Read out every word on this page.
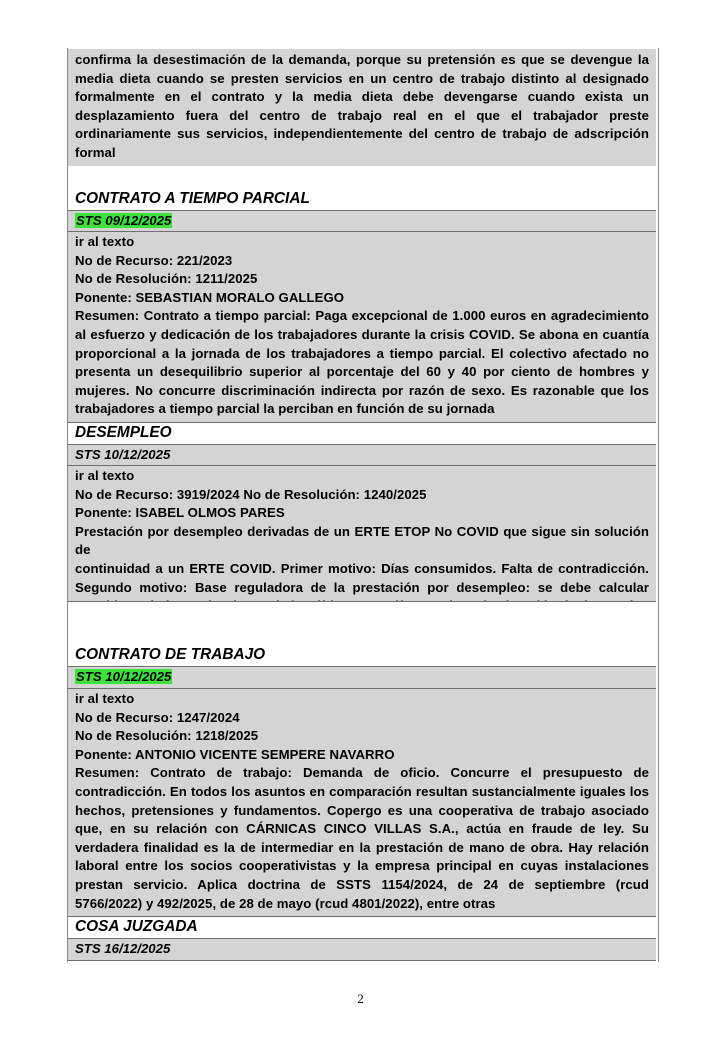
confirma la desestimación de la demanda, porque su pretensión es que se devengue la
media dieta cuando se presten servicios en un centro de trabajo distinto al designado
formalmente en el contrato y la media dieta debe devengarse cuando exista un
desplazamiento fuera del centro de trabajo real en el que el trabajador preste
ordinariamente sus servicios, independientemente del centro de trabajo de adscripción
formal
CONTRATO A TIEMPO PARCIAL
STS 09/12/2025
ir al texto
No de Recurso: 221/2023
No de Resolución: 1211/2025
Ponente: SEBASTIAN MORALO GALLEGO
Resumen: Contrato a tiempo parcial: Paga excepcional de 1.000 euros en agradecimiento
al esfuerzo y dedicación de los trabajadores durante la crisis COVID. Se abona en cuantía
proporcional a la jornada de los trabajadores a tiempo parcial. El colectivo afectado no
presenta un desequilibrio superior al porcentaje del 60 y 40 por ciento de hombres y
mujeres. No concurre discriminación indirecta por razón de sexo. Es razonable que los
trabajadores a tiempo parcial la perciban en función de su jornada
DESEMPLEO
STS 10/12/2025
ir al texto
No de Recurso: 3919/2024 No de Resolución: 1240/2025
Ponente: ISABEL OLMOS PARES
Prestación por desempleo derivadas de un ERTE ETOP No COVID que sigue sin solución de
continuidad a un ERTE COVID. Primer motivo: Días consumidos. Falta de contradicción.
Segundo motivo: Base reguladora de la prestación por desempleo: se debe calcular
CONTRATO DE TRABAJO
STS 10/12/2025
ir al texto
No de Recurso: 1247/2024
No de Resolución: 1218/2025
Ponente: ANTONIO VICENTE SEMPERE NAVARRO
Resumen: Contrato de trabajo: Demanda de oficio. Concurre el presupuesto de
contradicción. En todos los asuntos en comparación resultan sustancialmente iguales los
hechos, pretensiones y fundamentos. Copergo es una cooperativa de trabajo asociado
que, en su relación con CÁRNICAS CINCO VILLAS S.A., actúa en fraude de ley. Su
verdadera finalidad es la de intermediar en la prestación de mano de obra. Hay relación
laboral entre los socios cooperativistas y la empresa principal en cuyas instalaciones
prestan servicio. Aplica doctrina de SSTS 1154/2024, de 24 de septiembre (rcud
5766/2022) y 492/2025, de 28 de mayo (rcud 4801/2022), entre otras
COSA JUZGADA
STS 16/12/2025
2
